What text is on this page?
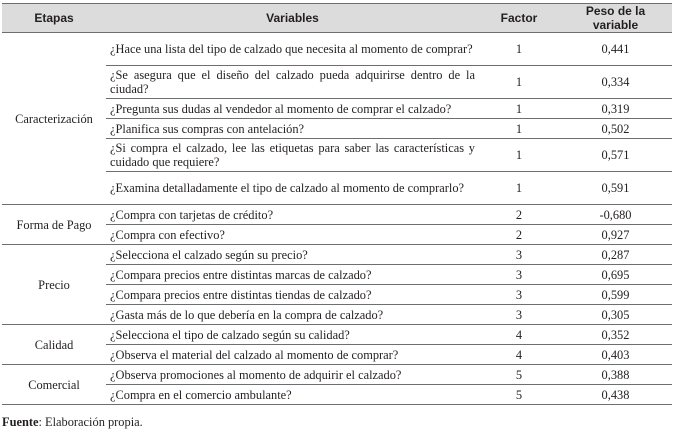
Etapas	Variables	Factor	Peso de la variable
Caracterización	¿Hace una lista del tipo de calzado que necesita al momento de comprar?	1	0,441
	¿Se asegura que el diseño del calzado pueda adquirirse dentro de la ciudad?	1	0,334
	¿Pregunta sus dudas al vendedor al momento de comprar el calzado?	1	0,319
	¿Planifica sus compras con antelación?	1	0,502
	¿Si compra el calzado, lee las etiquetas para saber las características y cuidado que requiere?	1	0,571
	¿Examina detalladamente el tipo de calzado al momento de comprarlo?	1	0,591
Forma de Pago	¿Compra con tarjetas de crédito?	2	-0,680
	¿Compra con efectivo?	2	0,927
Precio	¿Selecciona el calzado según su precio?	3	0,287
	¿Compara precios entre distintas marcas de calzado?	3	0,695
	¿Compara precios entre distintas tiendas de calzado?	3	0,599
	¿Gasta más de lo que debería en la compra de calzado?	3	0,305
Calidad	¿Selecciona el tipo de calzado según su calidad?	4	0,352
	¿Observa el material del calzado al momento de comprar?	4	0,403
Comercial	¿Observa promociones al momento de adquirir el calzado?	5	0,388
	¿Compra en el comercio ambulante?	5	0,438
Fuente: Elaboración propia.
